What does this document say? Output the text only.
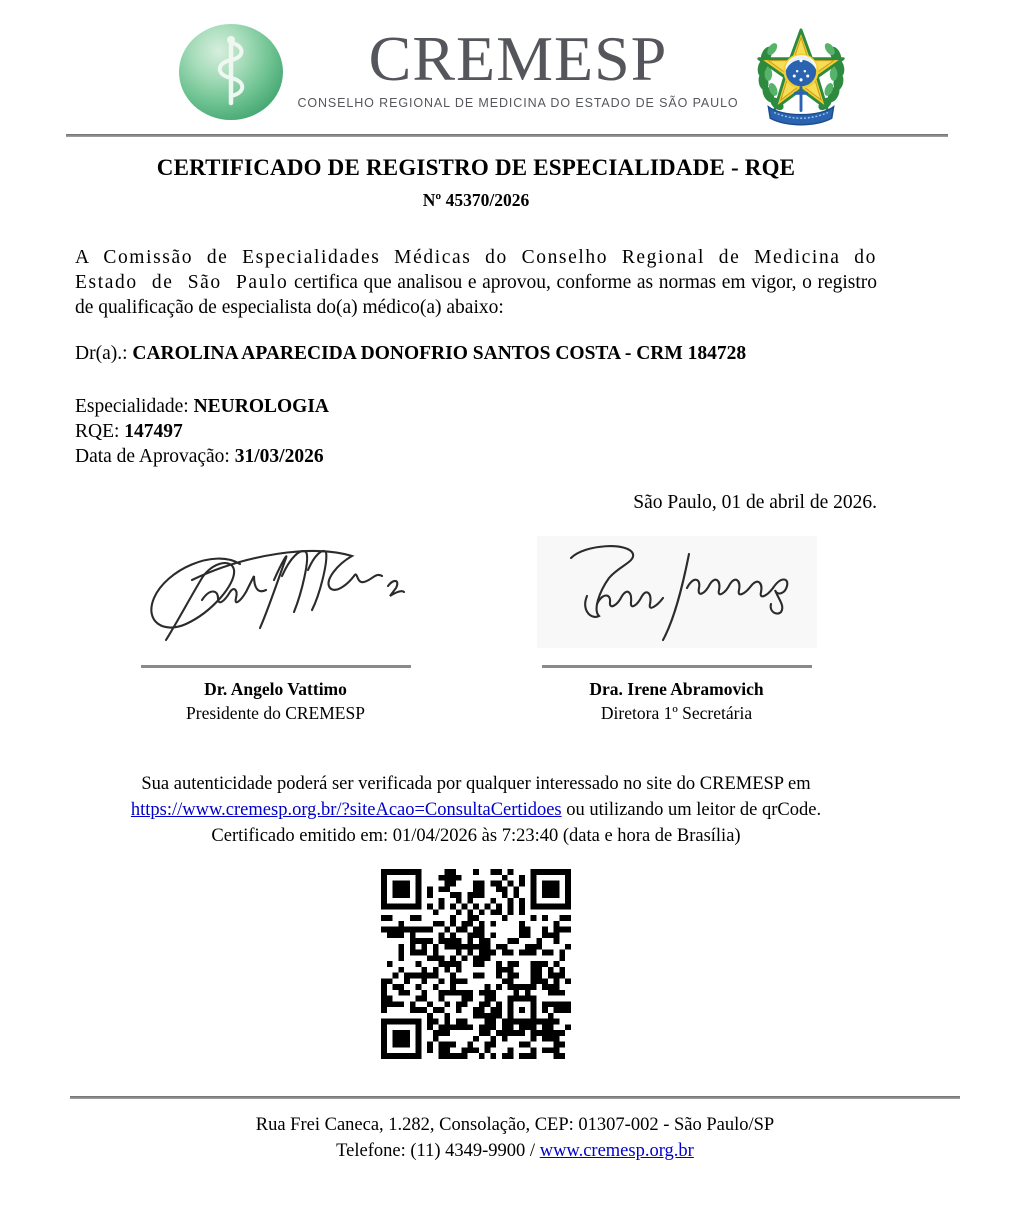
CREMESP
CONSELHO REGIONAL DE MEDICINA DO ESTADO DE SÃO PAULO
CERTIFICADO DE REGISTRO DE ESPECIALIDADE - RQE
Nº 45370/2026

A Comissão de Especialidades Médicas do Conselho Regional de Medicina do Estado de São Paulo certifica que analisou e aprovou, conforme as normas em vigor, o registro de qualificação de especialista do(a) médico(a) abaixo:

Dr(a).: CAROLINA APARECIDA DONOFRIO SANTOS COSTA - CRM 184728

Especialidade: NEUROLOGIA

RQE: 147497

Data de Aprovação: 31/03/2026

São Paulo, 01 de abril de 2026.

Dr. Angelo Vattimo
Presidente do CREMESP
Dra. Irene Abramovich
Diretora 1º Secretária
Sua autenticidade poderá ser verificada por qualquer interessado no site do CREMESP em
https://www.cremesp.org.br/?siteAcao=ConsultaCertidoes ou utilizando um leitor de qrCode.
Certificado emitido em: 01/04/2026 às 7:23:40 (data e hora de Brasília)
Rua Frei Caneca, 1.282, Consolação, CEP: 01307-002 - São Paulo/SP
Telefone: (11) 4349-9900 / www.cremesp.org.br
